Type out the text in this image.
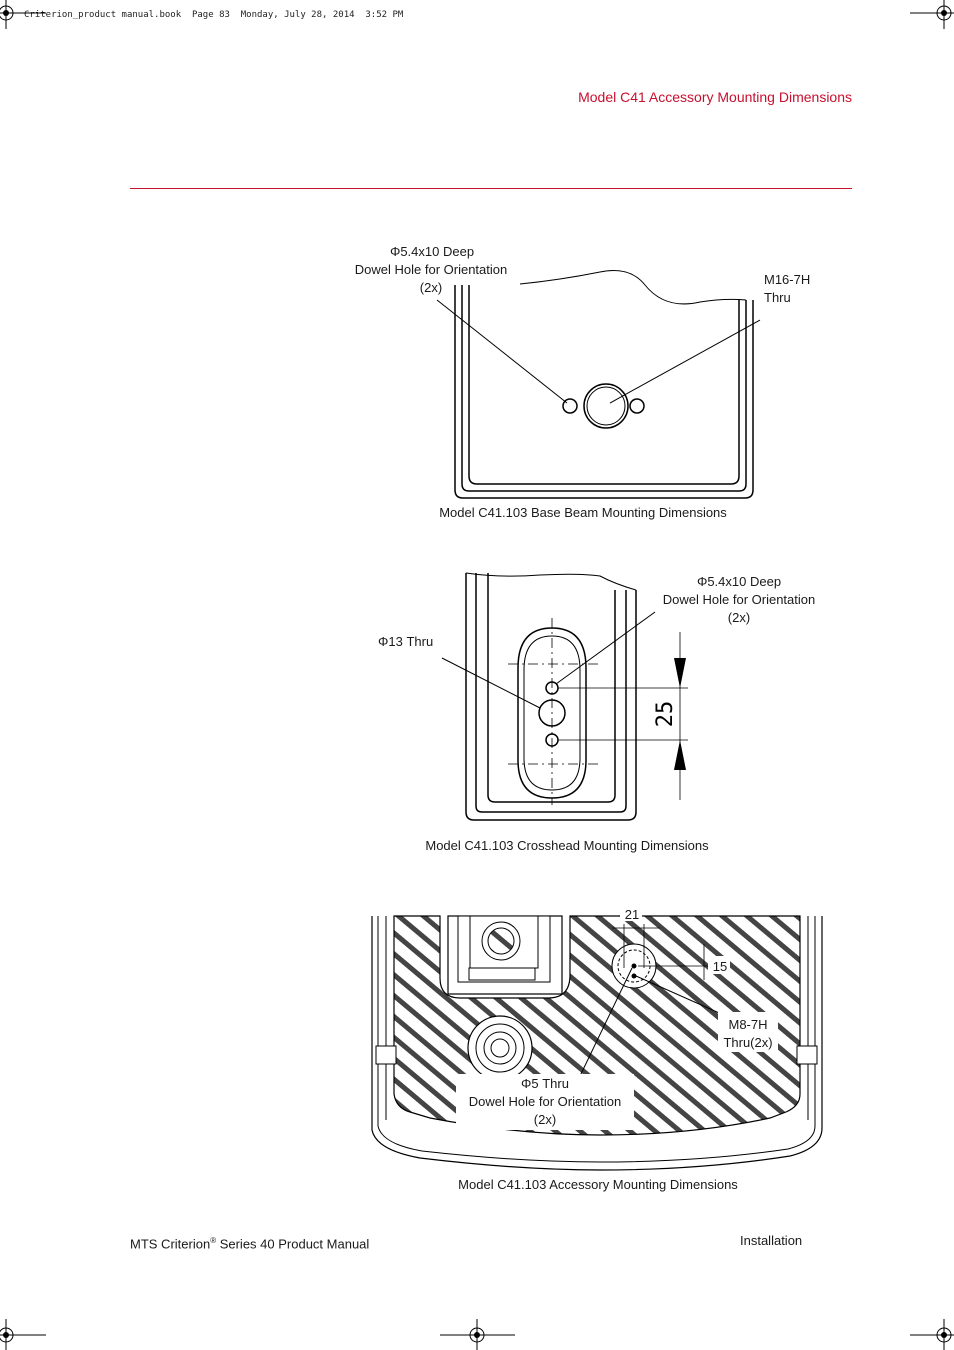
Criterion_product manual.book  Page 83  Monday, July 28, 2014  3:52 PM
Model C41 Accessory Mounting Dimensions
Φ5.4x10 Deep
Dowel Hole for Orientation
(2x)
M16-7H
Thru
Model C41.103 Base Beam Mounting Dimensions
25
Φ13 Thru
Φ5.4x10 Deep
Dowel Hole for Orientation
(2x)
Model C41.103 Crosshead Mounting Dimensions
21
15
M8-7H
Thru(2x)
Φ5 Thru
Dowel Hole for Orientation
(2x)
Model C41.103 Accessory Mounting Dimensions
MTS Criterion® Series 40 Product Manual	Installation
